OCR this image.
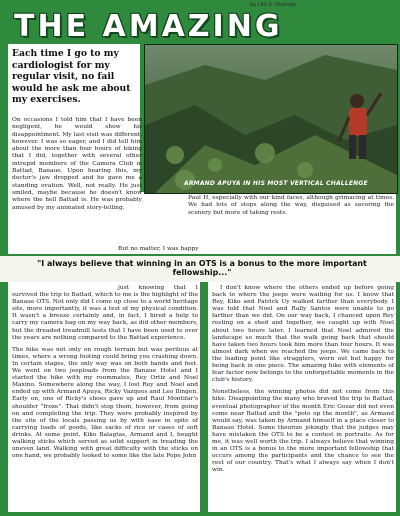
by Lito S. Ocampo
THE AMAZING
ARMAND APUYA IN HIS MOST VERTICAL CHALLENGE
Each time I go to my cardiologist for my regular visit, no fail would he ask me about my exercises.
On occasions I told him that I have been negligent, he would show his disappointment. My last visit was different, however. I was so eager, and I did tell him about the more than four hours of hiking that I did, together with several other intrepid members of the Camera Club in Battad, Banaue. Upon hearing this, my doctor's jaw dropped and he gave me a standing ovation. Well, not really. He just smiled, maybe because he doesn't know where the hell Battad is. He was probably amused by my animated story-telling.
Paul H, especially with our kind faces, although grimacing at times. We had lots of stops along the way, disguised as savoring the scenery but more of taking rests.
But no matter, I was happy
"I always believe that winning in an OTS is a bonus to the more important fellowship..."

just knowing that I survived the trip to Battad, which to me is the highlight of the Banaue OTS. Not only did I come up close to a world heritage site, more importantly, it was a test of my physical condition. It wasn't a breeze certainly and, in fact, I hired a help to carry my camera bag on my way back, as did other members, but the dreaded treadmill tests that I have been used to over the years are nothing compared to the Battad experience.

The hike was not only on rough terrain but was perilous at times, where a wrong footing could bring you crashing down. In certain stages, the only way was on both hands and feet. We went on two jeeploads from the Banaue Hotel and I started the hike with my roommates, Rey Ortiz and Noel Maxino. Somewhere along the way, I lost Rey and Noel and ended up with Armand Apuya, Ricky Vazques and Leo Ilingen. Early on, one of Ricky's shoes gave up and Raul Montifar's shoulder "froze". That didn't stop them, however, from going on and completing the trip. They were probably inspired by the site of the locals passing us by with ease in spite of carrying loads of goods, like sacks of rice or cases of soft drinks. At some point, Kiko Balagtas, Armand and I, bought walking sticks which served as solid support in treading the uneven land. Walking with great difficulty with the sticks on one hand, we probably looked to some like the late Pope John

I don't know where the others ended up before going back to where the jeeps were waiting for us. I know that Rey, Kiko and Patrick Uy walked farther than everybody. I was told that Noel and Rally Santos were unable to go farther than we did. On our way back, I chanced upon Rey resting on a shed and together, we caught up with Noel about two hours later. I learned that Noel admired the landscape so much that the walk going back that should have taken two hours took him more than four hours. It was almost dark when we reached the jeeps. We came back to the loading point like stragglers, worn out but happy for being back in one piece. The amazing hike with elements of fear factor now belongs to the unforgettable moments in the club's history.

Nonetheless, the winning photos did not come from this hike. Disappointing the many who braved the trip to Battad, eventual photographer of the month Eric Gozar did not even come near Battad and the "poto op the month", as Armand would say, was taken by Armand himself in a place closer to Banaue Hotel. Some theorize jokingly that the judges may have mistaken the OTS to be a contest in portraits. As for me, it was well worth the trip. I always believe that winning in an OTS is a bonus to the more important fellowship that occurs among the participants and the chance to see the rest of our country. That's what I always say when I don't win.
